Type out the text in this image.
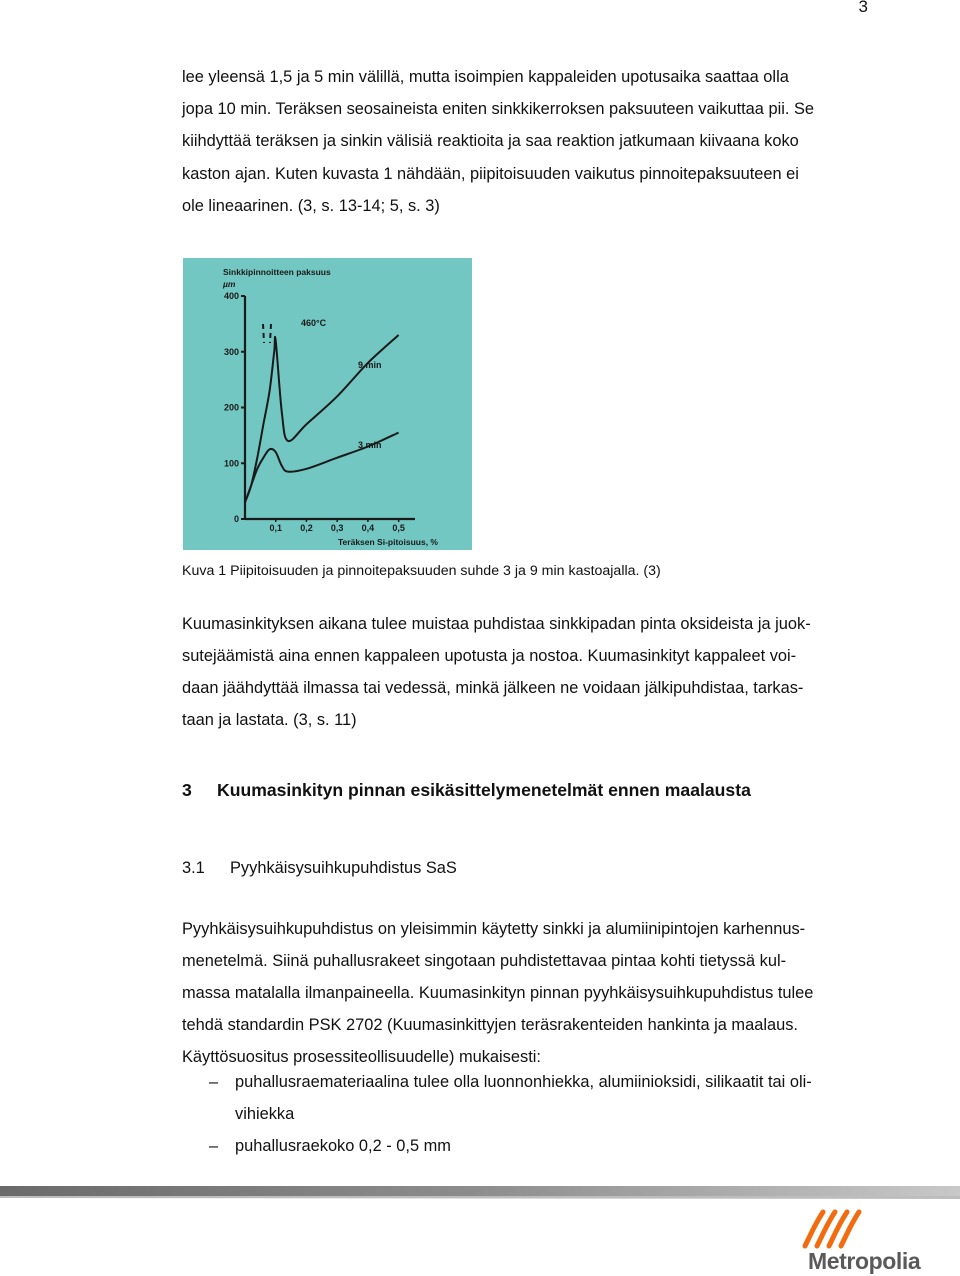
3
lee yleensä 1,5 ja 5 min välillä, mutta isoimpien kappaleiden upotusaika saattaa olla
jopa 10 min. Teräksen seosaineista eniten sinkkikerroksen paksuuteen vaikuttaa pii. Se
kiihdyttää teräksen ja sinkin välisiä reaktioita ja saa reaktion jatkumaan kiivaana koko
kaston ajan. Kuten kuvasta 1 nähdään, piipitoisuuden vaikutus pinnoitepaksuuteen ei
ole lineaarinen. (3, s. 13-14; 5, s. 3)
Sinkkipinnoitteen paksuus
µm
0
100
200
300
400
0,1 0,2 0,3 0,4 0,5
460°C
9 min
3 min
Teräksen Si-pitoisuus, %
Kuva 1 Piipitoisuuden ja pinnoitepaksuuden suhde 3 ja 9 min kastoajalla. (3)
Kuumasinkityksen aikana tulee muistaa puhdistaa sinkkipadan pinta oksideista ja juok-
sutejäämistä aina ennen kappaleen upotusta ja nostoa. Kuumasinkityt kappaleet voi-
daan jäähdyttää ilmassa tai vedessä, minkä jälkeen ne voidaan jälkipuhdistaa, tarkas-
taan ja lastata. (3, s. 11)
3 Kuumasinkityn pinnan esikäsittelymenetelmät ennen maalausta
3.1 Pyyhkäisysuihkupuhdistus SaS
Pyyhkäisysuihkupuhdistus on yleisimmin käytetty sinkki ja alumiinipintojen karhennus-
menetelmä. Siinä puhallusrakeet singotaan puhdistettavaa pintaa kohti tietyssä kul-
massa matalalla ilmanpaineella. Kuumasinkityn pinnan pyyhkäisysuihkupuhdistus tulee
tehdä standardin PSK 2702 (Kuumasinkittyjen teräsrakenteiden hankinta ja maalaus.
Käyttösuositus prosessiteollisuudelle) mukaisesti:
– puhallusraemateriaalina tulee olla luonnonhiekka, alumiinioksidi, silikaatit tai oli-
vihiekka
– puhallusraekoko 0,2 - 0,5 mm
Metropolia
